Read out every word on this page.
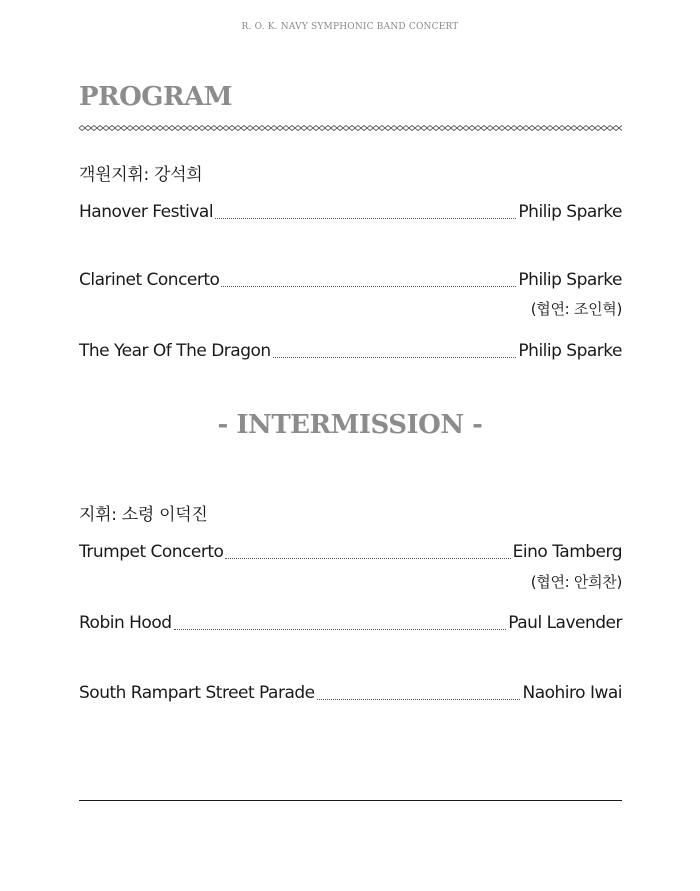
R. O. K. NAVY SYMPHONIC BAND CONCERT
PROGRAM
객원지휘: 강석희
Hanover Festival	Philip Sparke
Clarinet Concerto	Philip Sparke
(협연: 조인혁)
The Year Of The Dragon	Philip Sparke
- INTERMISSION -
지휘: 소령 이덕진
Trumpet Concerto	Eino Tamberg
(협연: 안희찬)
Robin Hood	Paul Lavender
South Rampart Street Parade	Naohiro Iwai
